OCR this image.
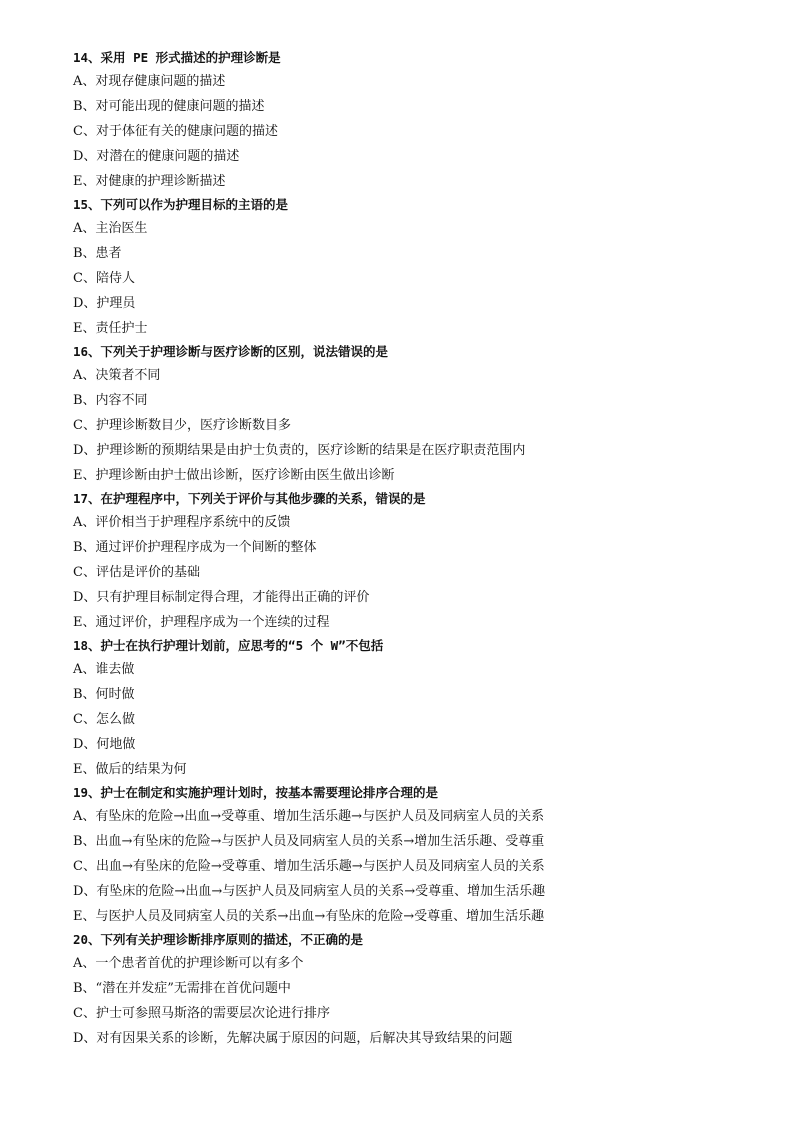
14、采用 PE 形式描述的护理诊断是
A、对现存健康问题的描述
B、对可能出现的健康问题的描述
C、对于体征有关的健康问题的描述
D、对潜在的健康问题的描述
E、对健康的护理诊断描述
15、下列可以作为护理目标的主语的是
A、主治医生
B、患者
C、陪侍人
D、护理员
E、责任护士
16、下列关于护理诊断与医疗诊断的区别，说法错误的是
A、决策者不同
B、内容不同
C、护理诊断数目少，医疗诊断数目多
D、护理诊断的预期结果是由护士负责的，医疗诊断的结果是在医疗职责范围内
E、护理诊断由护士做出诊断，医疗诊断由医生做出诊断
17、在护理程序中，下列关于评价与其他步骤的关系，错误的是
A、评价相当于护理程序系统中的反馈
B、通过评价护理程序成为一个间断的整体
C、评估是评价的基础
D、只有护理目标制定得合理，才能得出正确的评价
E、通过评价，护理程序成为一个连续的过程
18、护士在执行护理计划前，应思考的“5 个 W”不包括
A、谁去做
B、何时做
C、怎么做
D、何地做
E、做后的结果为何
19、护士在制定和实施护理计划时，按基本需要理论排序合理的是
A、有坠床的危险→出血→受尊重、增加生活乐趣→与医护人员及同病室人员的关系
B、出血→有坠床的危险→与医护人员及同病室人员的关系→增加生活乐趣、受尊重
C、出血→有坠床的危险→受尊重、增加生活乐趣→与医护人员及同病室人员的关系
D、有坠床的危险→出血→与医护人员及同病室人员的关系→受尊重、增加生活乐趣
E、与医护人员及同病室人员的关系→出血→有坠床的危险→受尊重、增加生活乐趣
20、下列有关护理诊断排序原则的描述，不正确的是
A、一个患者首优的护理诊断可以有多个
B、“潜在并发症”无需排在首优问题中
C、护士可参照马斯洛的需要层次论进行排序
D、对有因果关系的诊断，先解决属于原因的问题，后解决其导致结果的问题
